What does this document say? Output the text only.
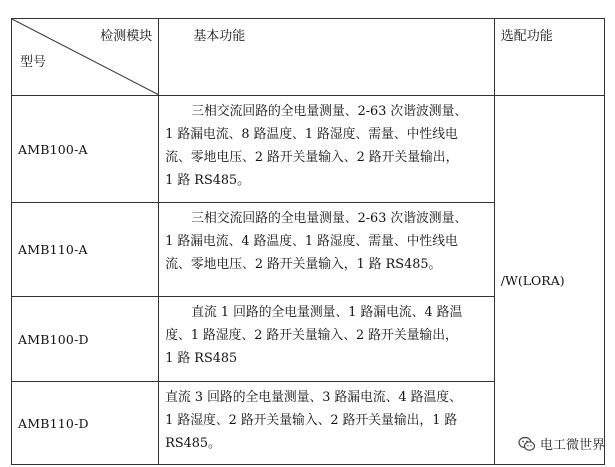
检测模块
型号	基本功能	选配功能
AMB100-A	三相交流回路的全电量测量、2-63 次谐波测量、
1 路漏电流、8 路温度、1 路湿度、需量、中性线电
流、零地电压、2 路开关量输入、2 路开关量输出，
1 路 RS485。	/W(LORA)
AMB110-A	三相交流回路的全电量测量、2-63 次谐波测量、
1 路漏电流、4 路温度、1 路湿度、需量、中性线电
流、零地电压、2 路开关量输入，1 路 RS485。	

AMB100-D	直流 1 回路的全电量测量、1 路漏电流、4 路温
度、1 路湿度、2 路开关量输入、2 路开关量输出，
1 路 RS485	

AMB110-D	直流 3 回路的全电量测量、3 路漏电流、4 路温度、
1 路湿度、2 路开关量输入、2 路开关量输出，1 路
RS485。		电工微世界
